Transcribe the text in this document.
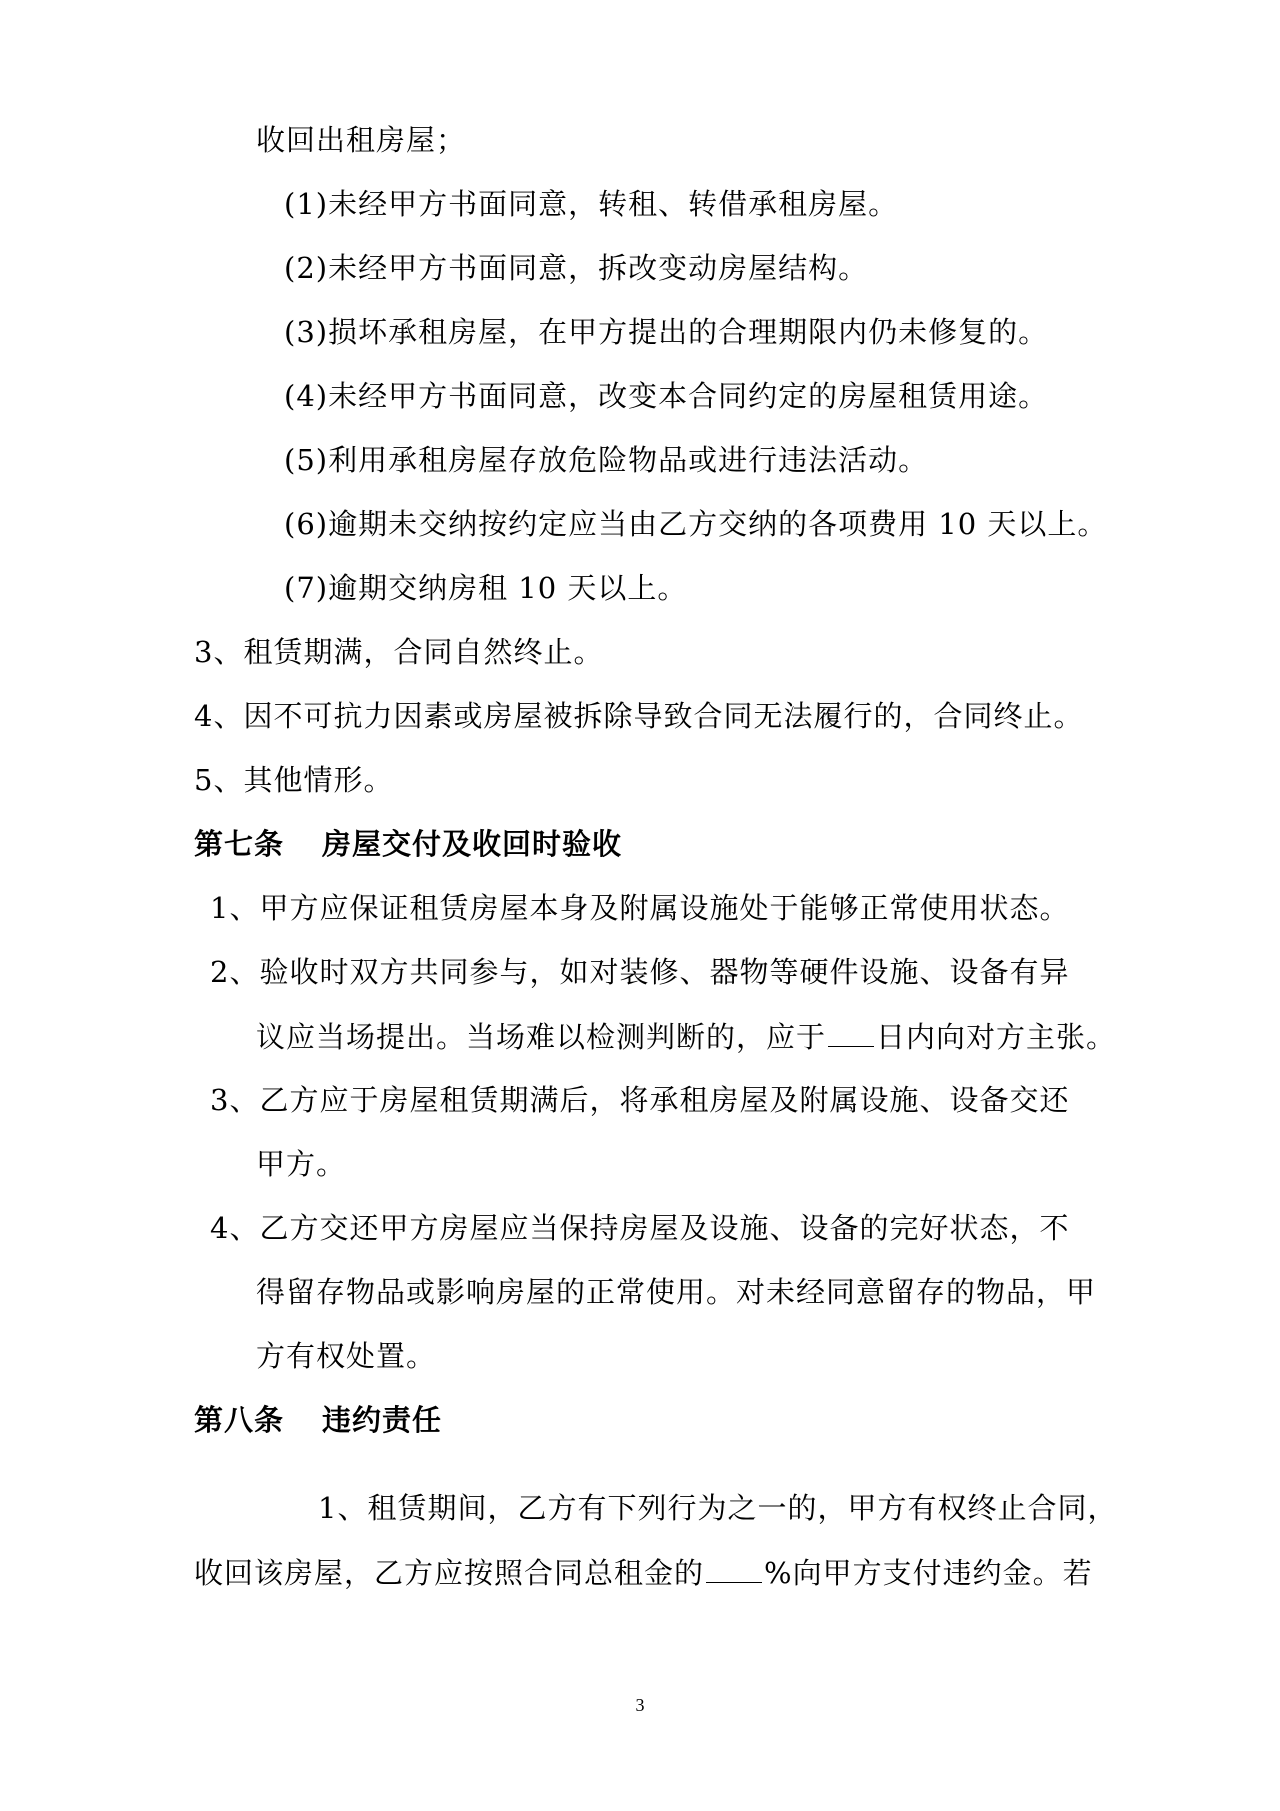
收回出租房屋；
(1)未经甲方书面同意，转租、转借承租房屋。
(2)未经甲方书面同意，拆改变动房屋结构。
(3)损坏承租房屋，在甲方提出的合理期限内仍未修复的。
(4)未经甲方书面同意，改变本合同约定的房屋租赁用途。
(5)利用承租房屋存放危险物品或进行违法活动。
(6)逾期未交纳按约定应当由乙方交纳的各项费用 10 天以上。
(7)逾期交纳房租 10 天以上。
3、租赁期满，合同自然终止。
4、因不可抗力因素或房屋被拆除导致合同无法履行的，合同终止。
5、其他情形。
第七条 房屋交付及收回时验收
1、甲方应保证租赁房屋本身及附属设施处于能够正常使用状态。
2、验收时双方共同参与，如对装修、器物等硬件设施、设备有异
议应当场提出。当场难以检测判断的，应于 日内向对方主张。
3、乙方应于房屋租赁期满后，将承租房屋及附属设施、设备交还
甲方。
4、乙方交还甲方房屋应当保持房屋及设施、设备的完好状态，不
得留存物品或影响房屋的正常使用。对未经同意留存的物品，甲
方有权处置。
第八条 违约责任
1、租赁期间，乙方有下列行为之一的，甲方有权终止合同，
收回该房屋，乙方应按照合同总租金的 %向甲方支付违约金。若
3
